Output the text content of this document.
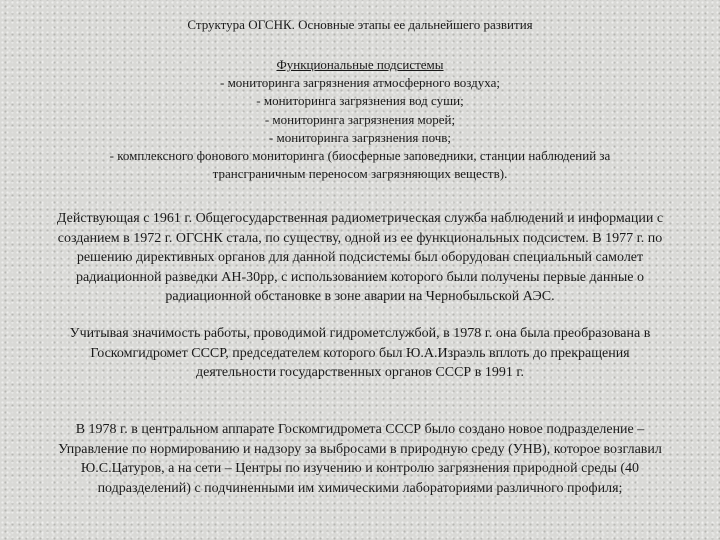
Структура ОГСНК. Основные этапы ее дальнейшего развития
Функциональные подсистемы
- мониторинга загрязнения атмосферного воздуха;
- мониторинга загрязнения вод суши;
- мониторинга загрязнения морей;
- мониторинга загрязнения почв;
- комплексного фонового мониторинга (биосферные заповедники, станции наблюдений за
трансграничным переносом загрязняющих веществ).
Действующая с 1961 г. Общегосударственная радиометрическая служба наблюдений и информации с
созданием в 1972 г. ОГСНК стала, по существу, одной из ее функциональных подсистем. В 1977 г. по
решению директивных органов для данной подсистемы был оборудован специальный самолет
радиационной разведки АН-30рр, с использованием которого были получены первые данные о
радиационной обстановке в зоне аварии на Чернобыльской АЭС.
Учитывая значимость работы, проводимой гидрометслужбой, в 1978 г. она была преобразована в
Госкомгидромет СССР, председателем которого был Ю.А.Израэль вплоть до прекращения
деятельности государственных органов СССР в 1991 г.
В 1978 г. в центральном аппарате Госкомгидромета СССР было создано новое подразделение –
Управление по нормированию и надзору за выбросами в природную среду (УНВ), которое возглавил
Ю.С.Цатуров, а на сети – Центры по изучению и контролю загрязнения природной среды (40
подразделений) с подчиненными им химическими лабораториями различного профиля;
